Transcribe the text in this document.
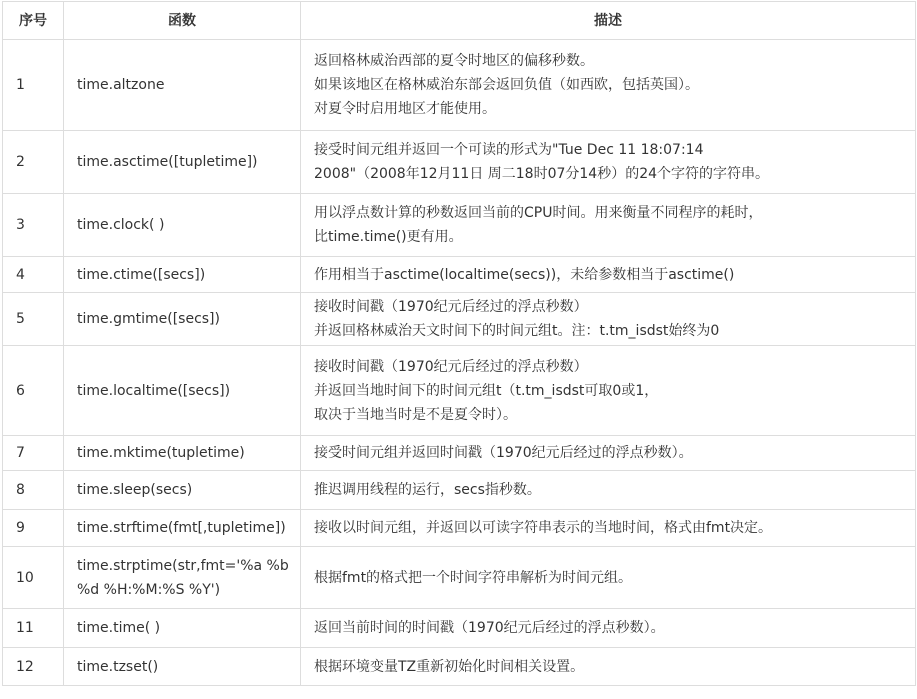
序号	函数	描述
1	time.altzone	返回格林威治西部的夏令时地区的偏移秒数。
如果该地区在格林威治东部会返回负值（如西欧，包括英国）。
对夏令时启用地区才能使用。

2	time.asctime([tupletime])	接受时间元组并返回一个可读的形式为"Tue Dec 11 18:07:14
2008"（2008年12月11日 周二18时07分14秒）的24个字符的字符串。

3	time.clock( )	用以浮点数计算的秒数返回当前的CPU时间。用来衡量不同程序的耗时，
比time.time()更有用。

4	time.ctime([secs])	作用相当于asctime(localtime(secs))，未给参数相当于asctime()

5	time.gmtime([secs])	接收时间戳（1970纪元后经过的浮点秒数）
并返回格林威治天文时间下的时间元组t。注：t.tm_isdst始终为0

6	time.localtime([secs])	接收时间戳（1970纪元后经过的浮点秒数）
并返回当地时间下的时间元组t（t.tm_isdst可取0或1，
取决于当地当时是不是夏令时）。

7	time.mktime(tupletime)	接受时间元组并返回时间戳（1970纪元后经过的浮点秒数）。

8	time.sleep(secs)	推迟调用线程的运行，secs指秒数。

9	time.strftime(fmt[,tupletime])	接收以时间元组，并返回以可读字符串表示的当地时间，格式由fmt决定。

10	time.strptime(str,fmt='%a %b
%d %H:%M:%S %Y')	根据fmt的格式把一个时间字符串解析为时间元组。

11	time.time( )	返回当前时间的时间戳（1970纪元后经过的浮点秒数）。

12	time.tzset()	根据环境变量TZ重新初始化时间相关设置。
